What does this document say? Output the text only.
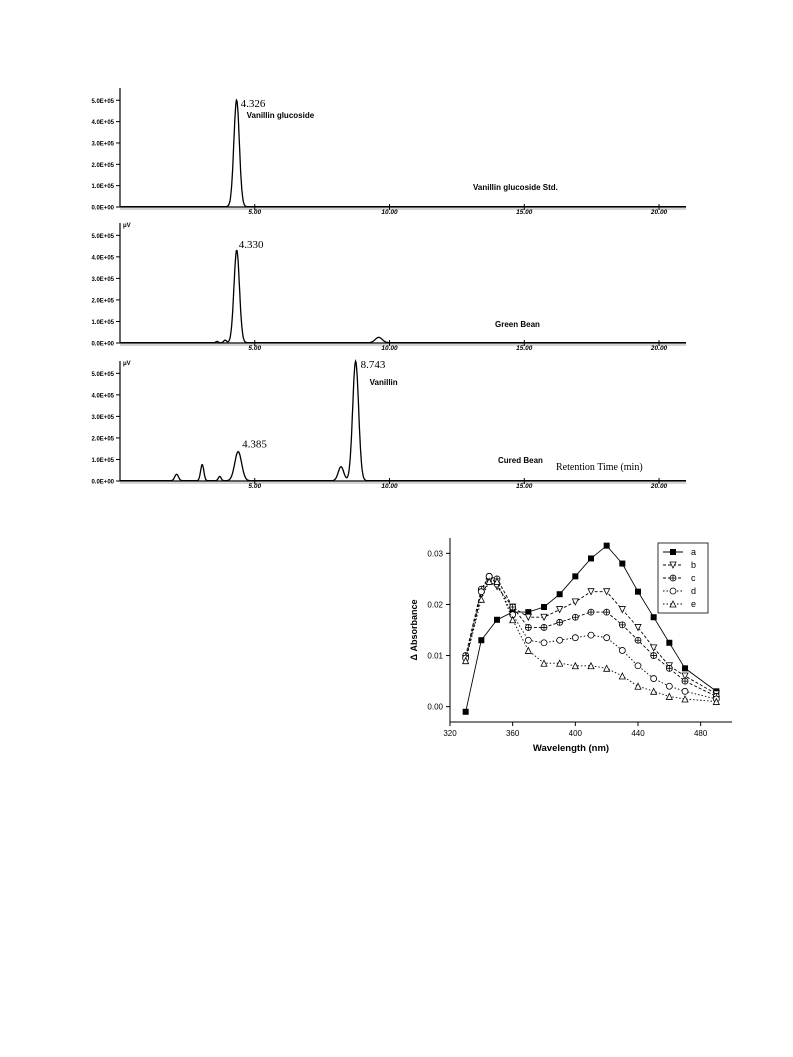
0.0E+00
1.0E+05
2.0E+05
3.0E+05
4.0E+05
5.0E+05
5.00	10.00	15.00	20.00
Vanillin glucoside Std.
4.326
Vanillin glucoside
0.0E+00
1.0E+05
2.0E+05
3.0E+05
4.0E+05
5.0E+05
μV
5.00	10.00	15.00	20.00
Green Bean
4.330
0.0E+00
1.0E+05
2.0E+05
3.0E+05
4.0E+05
5.0E+05
μV
5.00	10.00	15.00	20.00
Cured Bean
4.385
8.743
Vanillin
Retention Time (min)
320	360	400	440	480
0.00
0.01
0.02
0.03
Wavelength (nm)
Δ Absorbance
a
b
c
d
e
